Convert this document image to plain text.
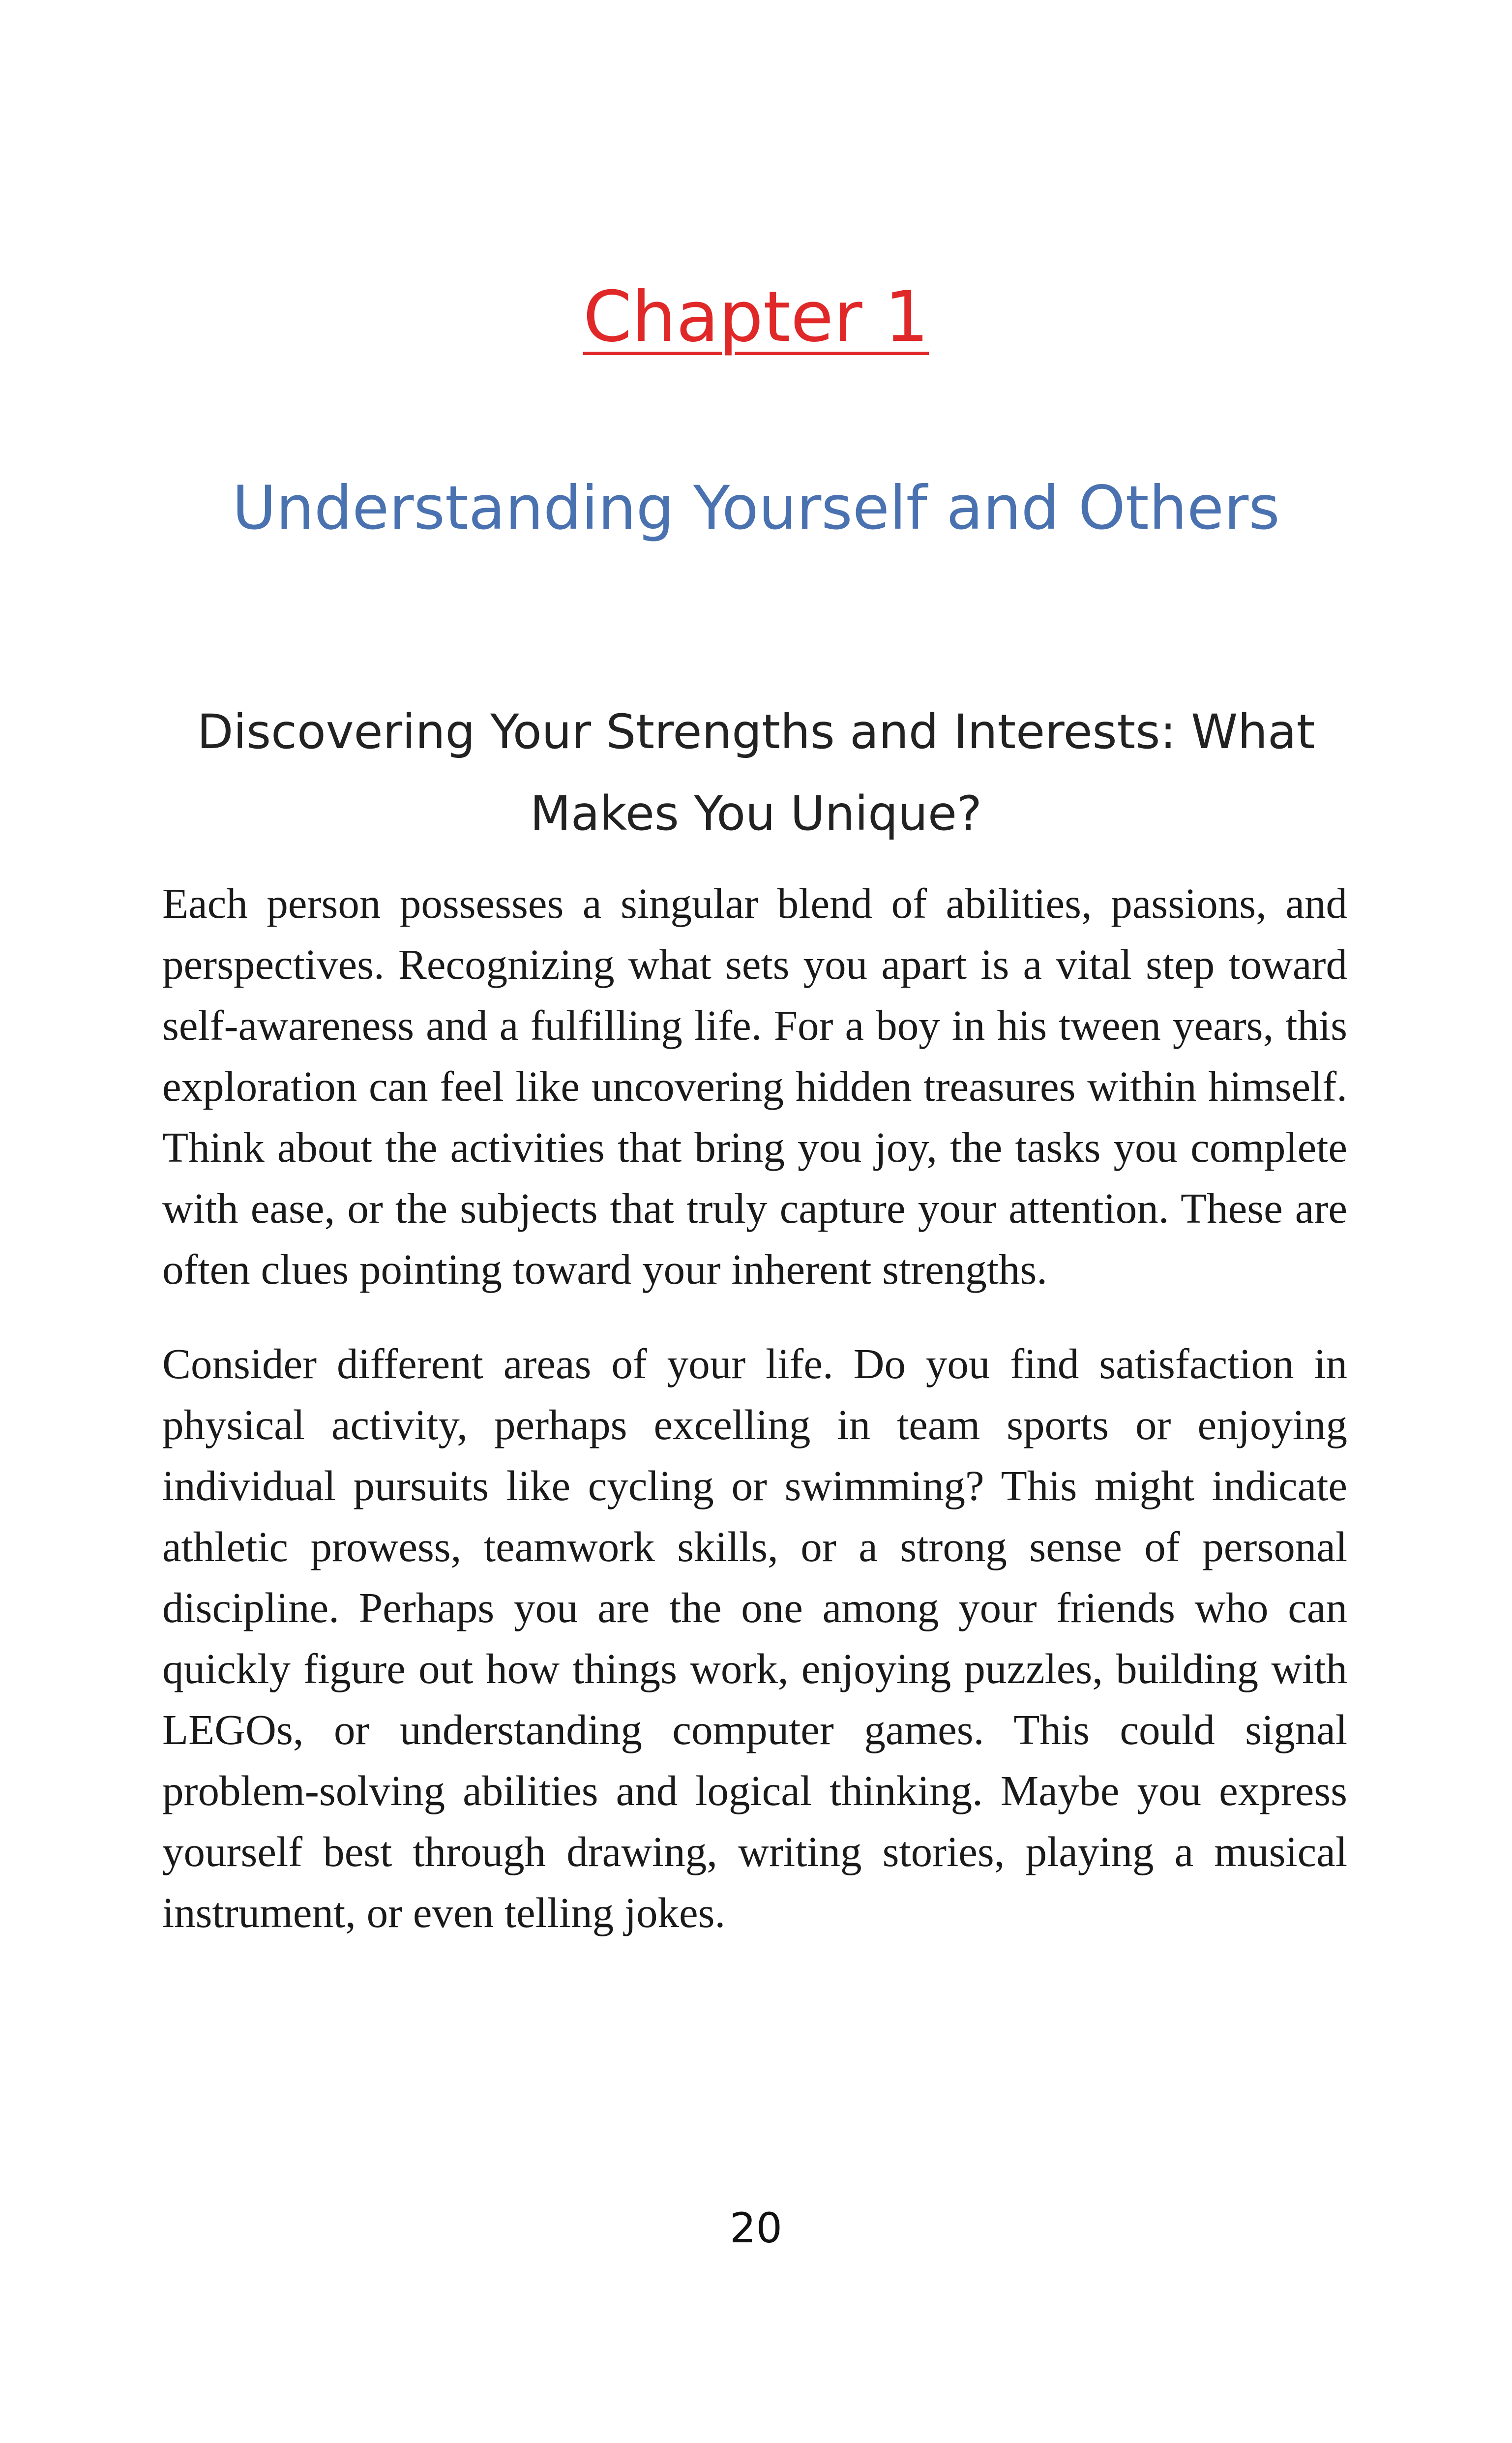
Chapter 1
Understanding Yourself and Others
Discovering Your Strengths and Interests: What Makes You Unique?

Each person possesses a singular blend of abilities, passions, and perspectives. Recognizing what sets you apart is a vital step toward self-awareness and a fulfilling life. For a boy in his tween years, this exploration can feel like uncovering hidden treasures within himself. Think about the activities that bring you joy, the tasks you complete with ease, or the subjects that truly capture your attention. These are often clues pointing toward your inherent strengths.

Consider different areas of your life. Do you find satisfaction in physical activity, perhaps excelling in team sports or enjoying individual pursuits like cycling or swimming? This might indicate athletic prowess, teamwork skills, or a strong sense of personal discipline. Perhaps you are the one among your friends who can quickly figure out how things work, enjoying puzzles, building with LEGOs, or understanding computer games. This could signal problem-solving abilities and logical thinking. Maybe you express yourself best through drawing, writing stories, playing a musical instrument, or even telling jokes.

20
